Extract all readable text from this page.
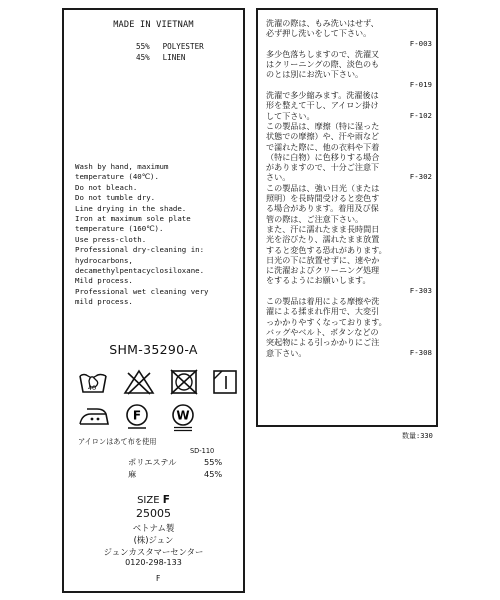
MADE IN VIETNAM
55% POLYESTER
45% LINEN
Wash by hand, maximum
temperature (40℃).
Do not bleach.
Do not tumble dry.
Line drying in the shade.
Iron at maximum sole plate
temperature (160℃).
Use press-cloth.
Professional dry-cleaning in:
hydrocarbons,
decamethylpentacyclosiloxane.
Mild process.
Professional wet cleaning very
mild process.
SHM-35290-A
40
F	W
アイロンはあて布を使用
SD-110
ポリエステル	55%
麻	45%
SIZE F
25005
ベトナム製
(株)ジュン
ジュンカスタマーセンター
0120-298-133
F
洗濯の際は、もみ洗いはせず、
必ず押し洗いをして下さい。
F-003
多少色落ちしますので、洗濯又
はクリーニングの際、淡色のも
のとは別にお洗い下さい。
F-019
洗濯で多少縮みます。洗濯後は
形を整えて干し、アイロン掛け
して下さい。	F-102
この製品は、摩擦（特に湿った
状態での摩擦）や、汗や雨など
で濡れた際に、他の衣料や下着
（特に白物）に色移りする場合
がありますので、十分ご注意下
さい。	F-302
この製品は、強い日光（または
照明）を長時間受けると変色す
る場合があります。着用及び保
管の際は、ご注意下さい。
また、汗に濡れたまま長時間日
光を浴びたり、濡れたまま放置
すると変色する恐れがあります。
日光の下に放置せずに、速やか
に洗濯およびクリーニング処理
をするようにお願いします。
F-303
この製品は着用による摩擦や洗
濯による揉まれ作用で、大変引
っかかりやすくなっております。
バッグやベルト、ボタンなどの
突起物による引っかかりにご注
意下さい。	F-308
数量:330
